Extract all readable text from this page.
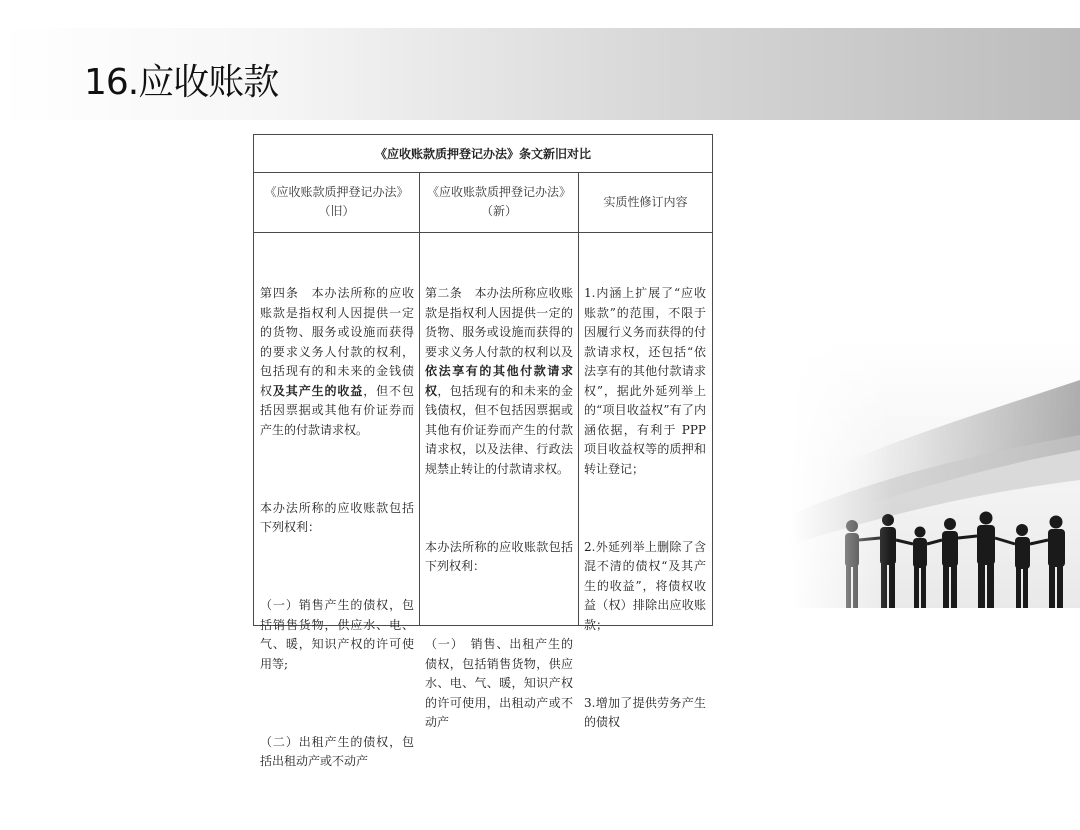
16.应收账款
《应收账款质押登记办法》条文新旧对比
《应收账款质押登记办法》
（旧）
《应收账款质押登记办法》
（新）
实质性修订内容

第四条　本办法所称的应收账款是指权利人因提供一定的货物、服务或设施而获得的要求义务人付款的权利，包括现有的和未来的金钱债权及其产生的收益，但不包括因票据或其他有价证券而产生的付款请求权。

本办法所称的应收账款包括下列权利：

（一）销售产生的债权，包括销售货物，供应水、电、气、暖，知识产权的许可使用等;

（二）出租产生的债权，包括出租动产或不动产

第二条　本办法所称应收账款是指权利人因提供一定的货物、服务或设施而获得的要求义务人付款的权利以及依法享有的其他付款请求权，包括现有的和未来的金钱债权，但不包括因票据或其他有价证券而产生的付款请求权，以及法律、行政法规禁止转让的付款请求权。

本办法所称的应收账款包括下列权利：

（一）　销售、出租产生的债权，包括销售货物，供应水、电、气、暖，知识产权的许可使用，出租动产或不动产

1.内涵上扩展了“应收账款”的范围，不限于因履行义务而获得的付款请求权，还包括“依法享有的其他付款请求权”，据此外延列举上的“项目收益权”有了内涵依据，有利于 PPP 项目收益权等的质押和转让登记；

2.外延列举上删除了含混不清的债权“及其产生的收益”，将债权收益（权）排除出应收账款；

3.增加了提供劳务产生的债权
